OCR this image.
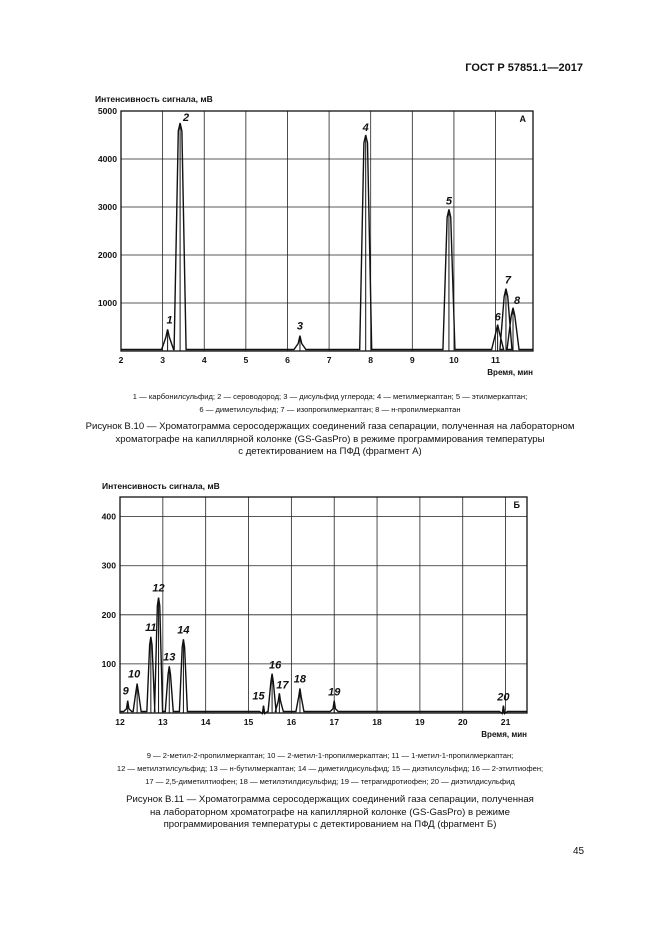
ГОСТ Р 57851.1—2017
Интенсивность сигнала, мВ
2	3	4	5	6	7	8	9	10	11
1000
2000
3000
4000
5000
1
2
3
4
5
6
7
8
А
Время, мин
1 — карбонилсульфид; 2 — сероводород; 3 — дисульфид углерода; 4 — метилмеркаптан; 5 — этилмеркаптан;
6 — диметилсульфид; 7 — изопропилмеркаптан; 8 — н-пропилмеркаптан
Рисунок В.10 — Хроматограмма серосодержащих соединений газа сепарации, полученная на лабораторном
хроматографе на капиллярной колонке (GS-GasPro) в режиме программирования температуры
с детектированием на ПФД (фрагмент А)
Интенсивность сигнала, мВ
12	13	14	15	16	17	18	19	20	21
100
200
300
400
9
10
11
12
13
14
15
16
17 18
19	20
Б
Время, мин
9 — 2-метил-2-пропилмеркаптан; 10 — 2-метил-1-пропилмеркаптан; 11 — 1-метил-1-пропилмеркаптан;
12 — метилэтилсульфид; 13 — н-бутилмеркаптан; 14 — диметилдисульфид; 15 — диэтилсульфид; 16 — 2-этилтиофен;
17 — 2,5-диметилтиофен; 18 — метилэтилдисульфид; 19 — тетрагидротиофен; 20 — диэтилдисульфид
Рисунок В.11 — Хроматограмма серосодержащих соединений газа сепарации, полученная
на лабораторном хроматографе на капиллярной колонке (GS-GasPro) в режиме
программирования температуры с детектированием на ПФД (фрагмент Б)
45
